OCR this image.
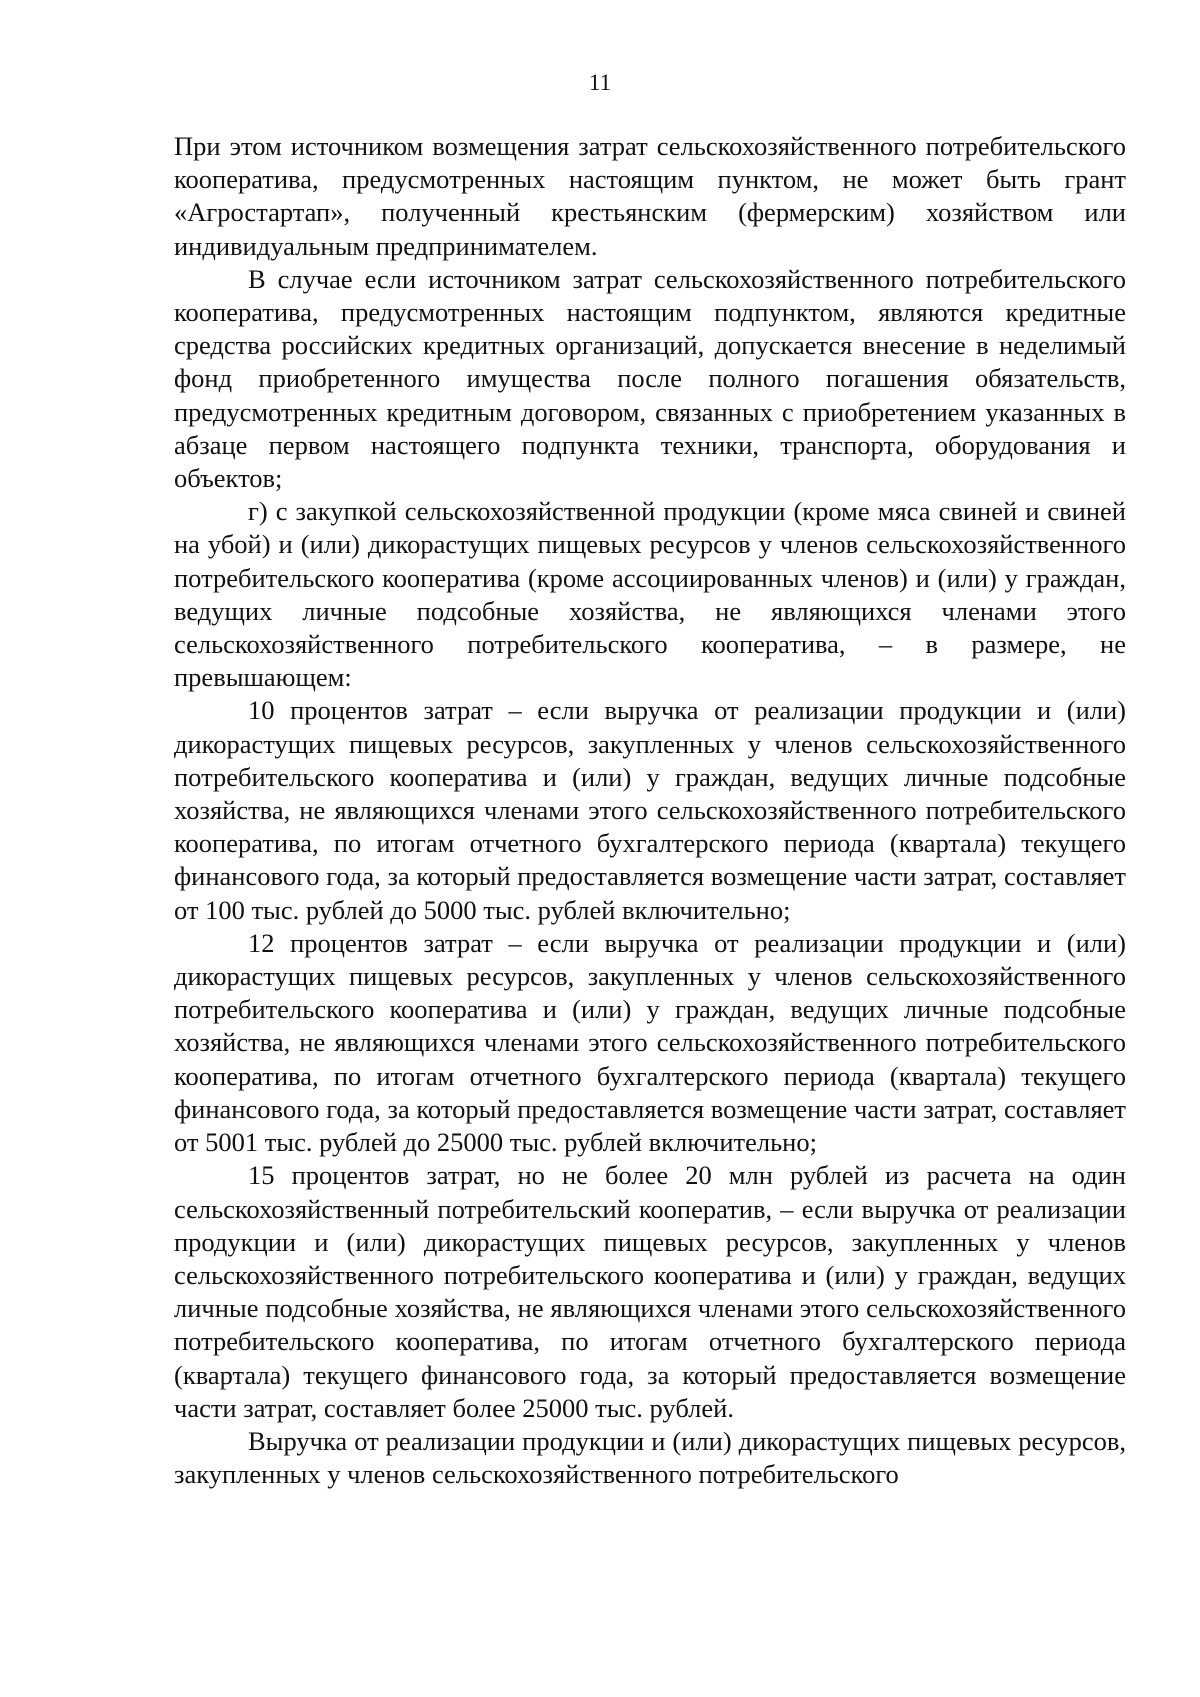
11

При этом источником возмещения затрат сельскохозяйственного потребительского кооператива, предусмотренных настоящим пунктом, не может быть грант «Агростартап», полученный крестьянским (фермерским) хозяйством или индивидуальным предпринимателем.

В случае если источником затрат сельскохозяйственного потребительского кооператива, предусмотренных настоящим подпунктом, являются кредитные средства российских кредитных организаций, допускается внесение в неделимый фонд приобретенного имущества после полного погашения обязательств, предусмотренных кредитным договором, связанных с приобретением указанных в абзаце первом настоящего подпункта техники, транспорта, оборудования и объектов;

г) с закупкой сельскохозяйственной продукции (кроме мяса свиней и свиней на убой) и (или) дикорастущих пищевых ресурсов у членов сельскохозяйственного потребительского кооператива (кроме ассоциированных членов) и (или) у граждан, ведущих личные подсобные хозяйства, не являющихся членами этого сельскохозяйственного потребительского кооператива, – в размере, не превышающем:

10 процентов затрат – если выручка от реализации продукции и (или) дикорастущих пищевых ресурсов, закупленных у членов сельскохозяйственного потребительского кооператива и (или) у граждан, ведущих личные подсобные хозяйства, не являющихся членами этого сельскохозяйственного потребительского кооператива, по итогам отчетного бухгалтерского периода (квартала) текущего финансового года, за который предоставляется возмещение части затрат, составляет от 100 тыс. рублей до 5000 тыс. рублей включительно;

12 процентов затрат – если выручка от реализации продукции и (или) дикорастущих пищевых ресурсов, закупленных у членов сельскохозяйственного потребительского кооператива и (или) у граждан, ведущих личные подсобные хозяйства, не являющихся членами этого сельскохозяйственного потребительского кооператива, по итогам отчетного бухгалтерского периода (квартала) текущего финансового года, за который предоставляется возмещение части затрат, составляет от 5001 тыс. рублей до 25000 тыс. рублей включительно;

15 процентов затрат, но не более 20 млн рублей из расчета на один сельскохозяйственный потребительский кооператив, – если выручка от реализации продукции и (или) дикорастущих пищевых ресурсов, закупленных у членов сельскохозяйственного потребительского кооператива и (или) у граждан, ведущих личные подсобные хозяйства, не являющихся членами этого сельскохозяйственного потребительского кооператива, по итогам отчетного бухгалтерского периода (квартала) текущего финансового года, за который предоставляется возмещение части затрат, составляет более 25000 тыс. рублей.

Выручка от реализации продукции и (или) дикорастущих пищевых ресурсов, закупленных у членов сельскохозяйственного потребительского
